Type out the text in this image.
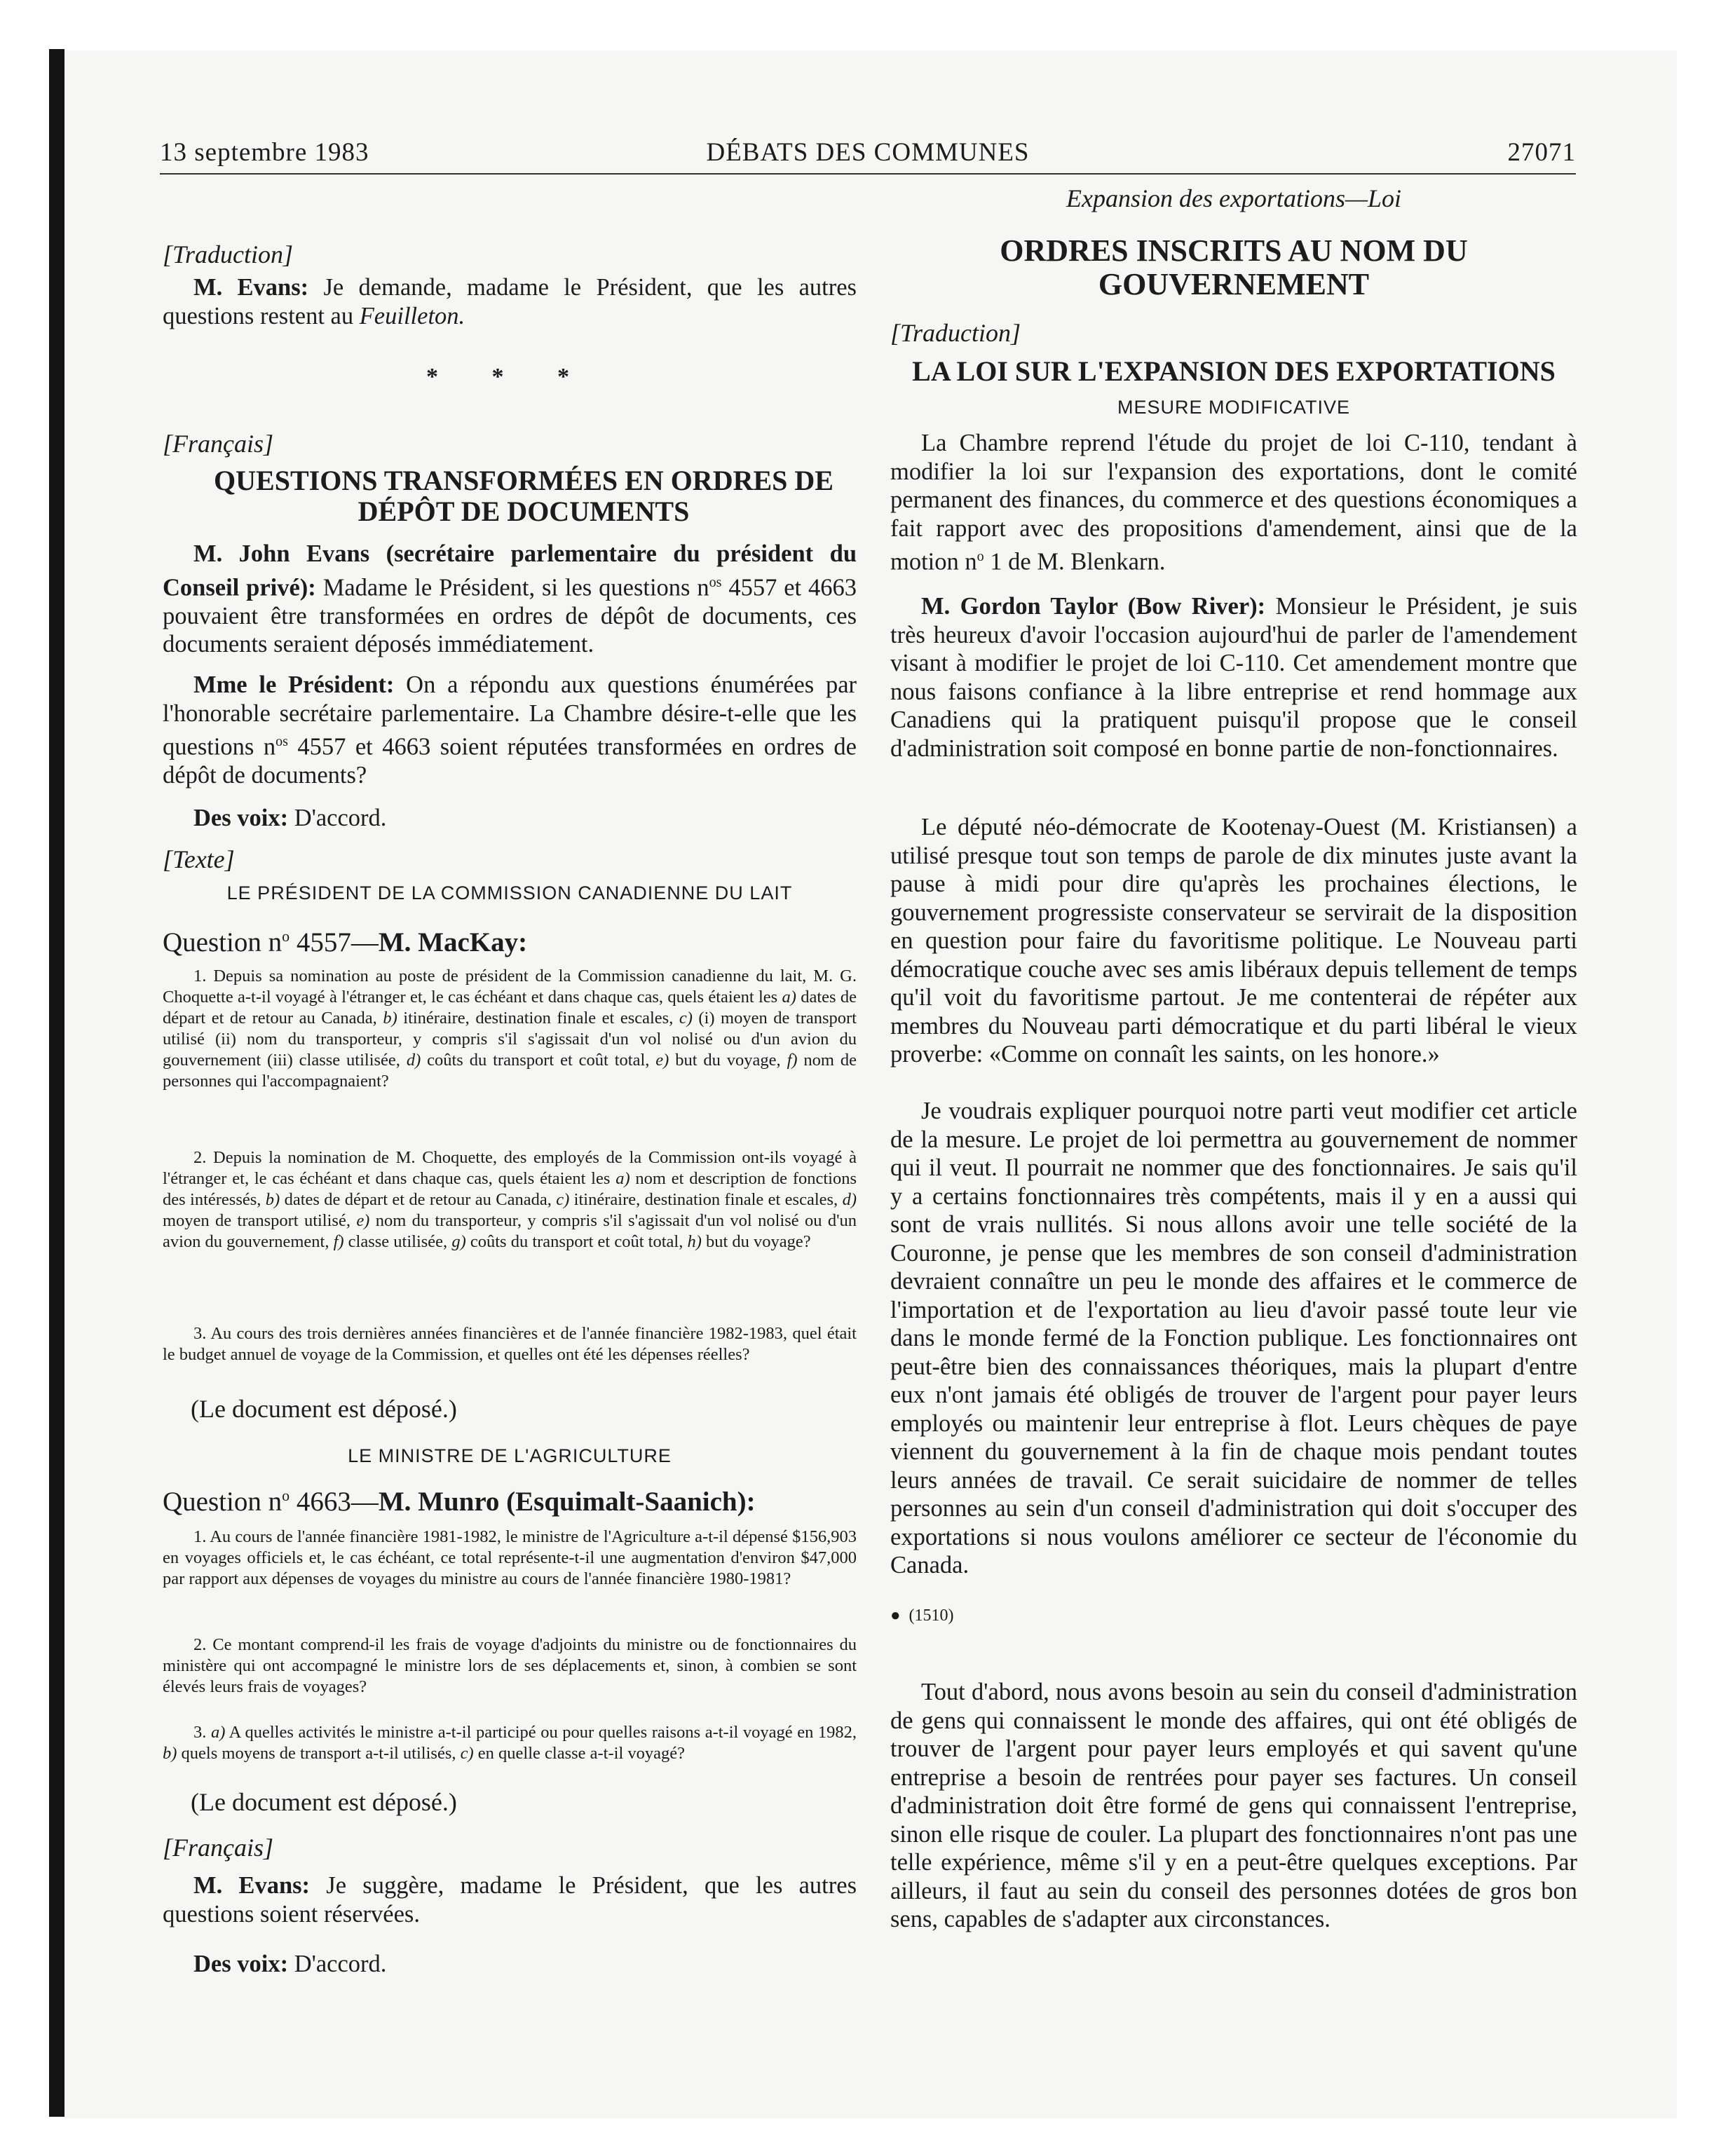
13 septembre 1983	DÉBATS DES COMMUNES	27071

[Traduction]

M. Evans: Je demande, madame le Président, que les autres questions restent au Feuilleton.

* * *

[Français]

QUESTIONS TRANSFORMÉES EN ORDRES DE DÉPÔT DE DOCUMENTS

M. John Evans (secrétaire parlementaire du président du Conseil privé): Madame le Président, si les questions $n^{os}$ 4557 et 4663 pouvaient être transformées en ordres de dépôt de documents, ces documents seraient déposés immédiatement.

Mme le Président: On a répondu aux questions énumérées par l'honorable secrétaire parlementaire. La Chambre désire-t-elle que les questions $n^{os}$ 4557 et 4663 soient réputées transformées en ordres de dépôt de documents?

Des voix: D'accord.

[Texte]

LE PRÉSIDENT DE LA COMMISSION CANADIENNE DU LAIT

Question $n^o$ 4557—M. MacKay:

1. Depuis sa nomination au poste de président de la Commission canadienne du lait, M. G. Choquette a-t-il voyagé à l'étranger et, le cas échéant et dans chaque cas, quels étaient les a) dates de départ et de retour au Canada, b) itinéraire, destination finale et escales, c) (i) moyen de transport utilisé (ii) nom du transporteur, y compris s'il s'agissait d'un vol nolisé ou d'un avion du gouvernement (iii) classe utilisée, d) coûts du transport et coût total, e) but du voyage, f) nom de personnes qui l'accompagnaient?

2. Depuis la nomination de M. Choquette, des employés de la Commission ont-ils voyagé à l'étranger et, le cas échéant et dans chaque cas, quels étaient les a) nom et description de fonctions des intéressés, b) dates de départ et de retour au Canada, c) itinéraire, destination finale et escales, d) moyen de transport utilisé, e) nom du transporteur, y compris s'il s'agissait d'un vol nolisé ou d'un avion du gouvernement, f) classe utilisée, g) coûts du transport et coût total, h) but du voyage?

3. Au cours des trois dernières années financières et de l'année financière 1982-1983, quel était le budget annuel de voyage de la Commission, et quelles ont été les dépenses réelles?

(Le document est déposé.)

LE MINISTRE DE L'AGRICULTURE

Question $n^o$ 4663—M. Munro (Esquimalt-Saanich):

1. Au cours de l'année financière 1981-1982, le ministre de l'Agriculture a-t-il dépensé $156,903 en voyages officiels et, le cas échéant, ce total représente-t-il une augmentation d'environ $47,000 par rapport aux dépenses de voyages du ministre au cours de l'année financière 1980-1981?

2. Ce montant comprend-il les frais de voyage d'adjoints du ministre ou de fonctionnaires du ministère qui ont accompagné le ministre lors de ses déplacements et, sinon, à combien se sont élevés leurs frais de voyages?

3. a) A quelles activités le ministre a-t-il participé ou pour quelles raisons a-t-il voyagé en 1982, b) quels moyens de transport a-t-il utilisés, c) en quelle classe a-t-il voyagé?

(Le document est déposé.)

[Français]

M. Evans: Je suggère, madame le Président, que les autres questions soient réservées.

Des voix: D'accord.

Expansion des exportations—Loi

ORDRES INSCRITS AU NOM DU GOUVERNEMENT

[Traduction]

LA LOI SUR L'EXPANSION DES EXPORTATIONS

MESURE MODIFICATIVE

La Chambre reprend l'étude du projet de loi C-110, tendant à modifier la loi sur l'expansion des exportations, dont le comité permanent des finances, du commerce et des questions économiques a fait rapport avec des propositions d'amendement, ainsi que de la motion $n^o$ 1 de M. Blenkarn.

M. Gordon Taylor (Bow River): Monsieur le Président, je suis très heureux d'avoir l'occasion aujourd'hui de parler de l'amendement visant à modifier le projet de loi C-110. Cet amendement montre que nous faisons confiance à la libre entreprise et rend hommage aux Canadiens qui la pratiquent puisqu'il propose que le conseil d'administration soit composé en bonne partie de non-fonctionnaires.

Le député néo-démocrate de Kootenay-Ouest (M. Kristiansen) a utilisé presque tout son temps de parole de dix minutes juste avant la pause à midi pour dire qu'après les prochaines élections, le gouvernement progressiste conservateur se servirait de la disposition en question pour faire du favoritisme politique. Le Nouveau parti démocratique couche avec ses amis libéraux depuis tellement de temps qu'il voit du favoritisme partout. Je me contenterai de répéter aux membres du Nouveau parti démocratique et du parti libéral le vieux proverbe: «Comme on connaît les saints, on les honore.»

Je voudrais expliquer pourquoi notre parti veut modifier cet article de la mesure. Le projet de loi permettra au gouvernement de nommer qui il veut. Il pourrait ne nommer que des fonctionnaires. Je sais qu'il y a certains fonctionnaires très compétents, mais il y en a aussi qui sont de vrais nullités. Si nous allons avoir une telle société de la Couronne, je pense que les membres de son conseil d'administration devraient connaître un peu le monde des affaires et le commerce de l'importation et de l'exportation au lieu d'avoir passé toute leur vie dans le monde fermé de la Fonction publique. Les fonctionnaires ont peut-être bien des connaissances théoriques, mais la plupart d'entre eux n'ont jamais été obligés de trouver de l'argent pour payer leurs employés ou maintenir leur entreprise à flot. Leurs chèques de paye viennent du gouvernement à la fin de chaque mois pendant toutes leurs années de travail. Ce serait suicidaire de nommer de telles personnes au sein d'un conseil d'administration qui doit s'occuper des exportations si nous voulons améliorer ce secteur de l'économie du Canada.

●  (1510)

Tout d'abord, nous avons besoin au sein du conseil d'administration de gens qui connaissent le monde des affaires, qui ont été obligés de trouver de l'argent pour payer leurs employés et qui savent qu'une entreprise a besoin de rentrées pour payer ses factures. Un conseil d'administration doit être formé de gens qui connaissent l'entreprise, sinon elle risque de couler. La plupart des fonctionnaires n'ont pas une telle expérience, même s'il y en a peut-être quelques exceptions. Par ailleurs, il faut au sein du conseil des personnes dotées de gros bon sens, capables de s'adapter aux circonstances.
